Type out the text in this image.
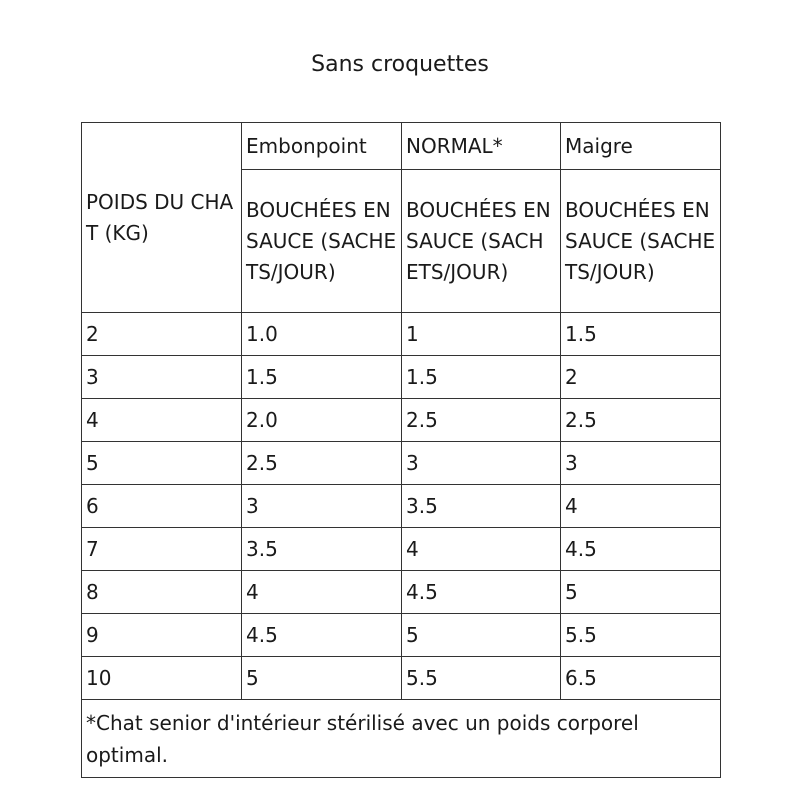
Sans croquettes
POIDS DU CHAT (KG)	Embonpoint	NORMAL*	Maigre
	BOUCHÉES EN SAUCE (SACHETS/JOUR)	BOUCHÉES EN SAUCE (SACHETS/JOUR)	BOUCHÉES EN SAUCE (SACHETS/JOUR)
2	1.0	1	1.5
3	1.5	1.5	2
4	2.0	2.5	2.5
5	2.5	3	3
6	3	3.5	4
7	3.5	4	4.5
8	4	4.5	5
9	4.5	5	5.5
10	5	5.5	6.5
*Chat senior d'intérieur stérilisé avec un poids corporel optimal.			
